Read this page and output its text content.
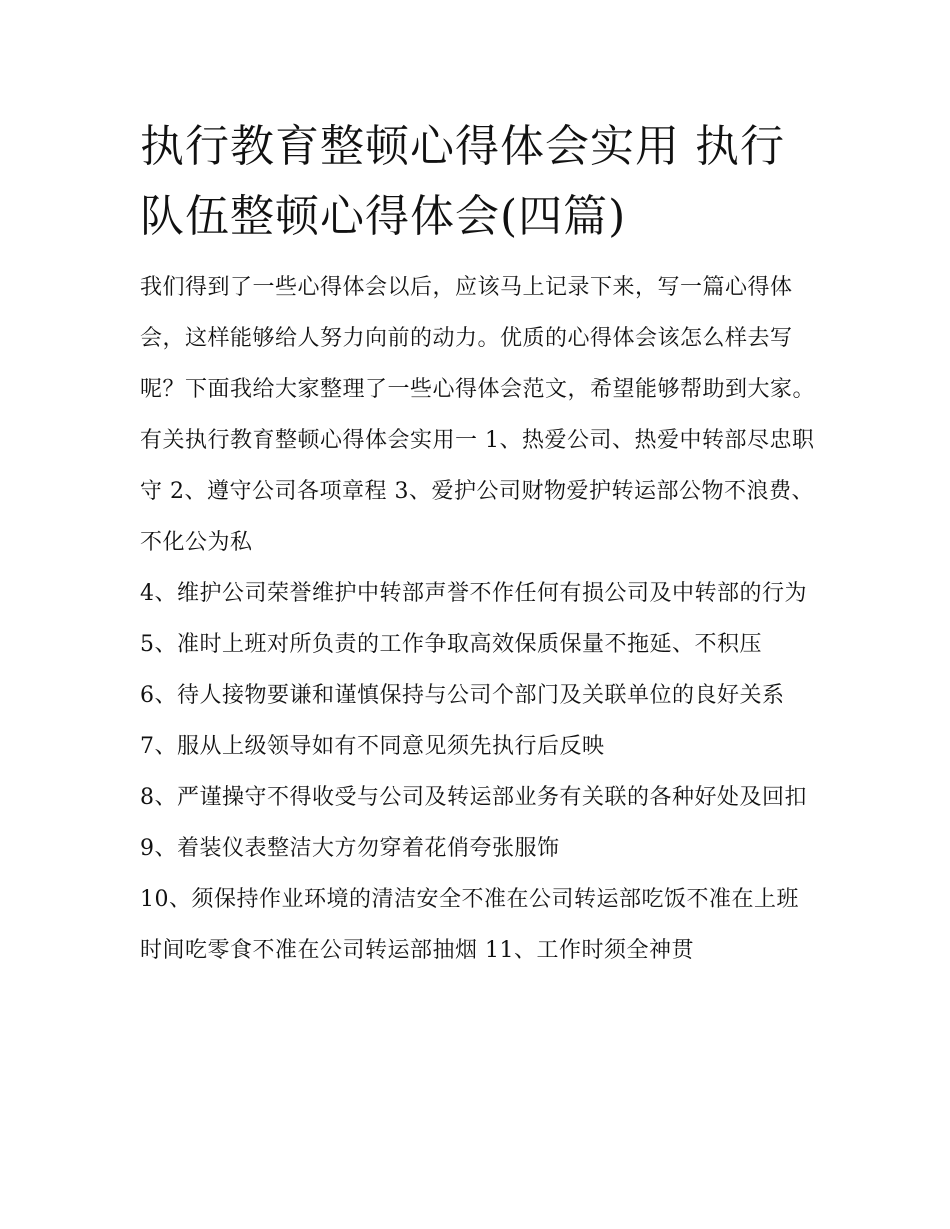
执行教育整顿心得体会实用 执行队伍整顿心得体会(四篇)

我们得到了一些心得体会以后，应该马上记录下来，写一篇心得体会，这样能够给人努力向前的动力。优质的心得体会该怎么样去写呢？下面我给大家整理了一些心得体会范文，希望能够帮助到大家。

有关执行教育整顿心得体会实用一 1、热爱公司、热爱中转部尽忠职守 2、遵守公司各项章程 3、爱护公司财物爱护转运部公物不浪费、不化公为私

4、维护公司荣誉维护中转部声誉不作任何有损公司及中转部的行为 5、准时上班对所负责的工作争取高效保质保量不拖延、不积压

6、待人接物要谦和谨慎保持与公司个部门及关联单位的良好关系 7、服从上级领导如有不同意见须先执行后反映

8、严谨操守不得收受与公司及转运部业务有关联的各种好处及回扣 9、着装仪表整洁大方勿穿着花俏夸张服饰

10、须保持作业环境的清洁安全不准在公司转运部吃饭不准在上班时间吃零食不准在公司转运部抽烟 11、工作时须全神贯
